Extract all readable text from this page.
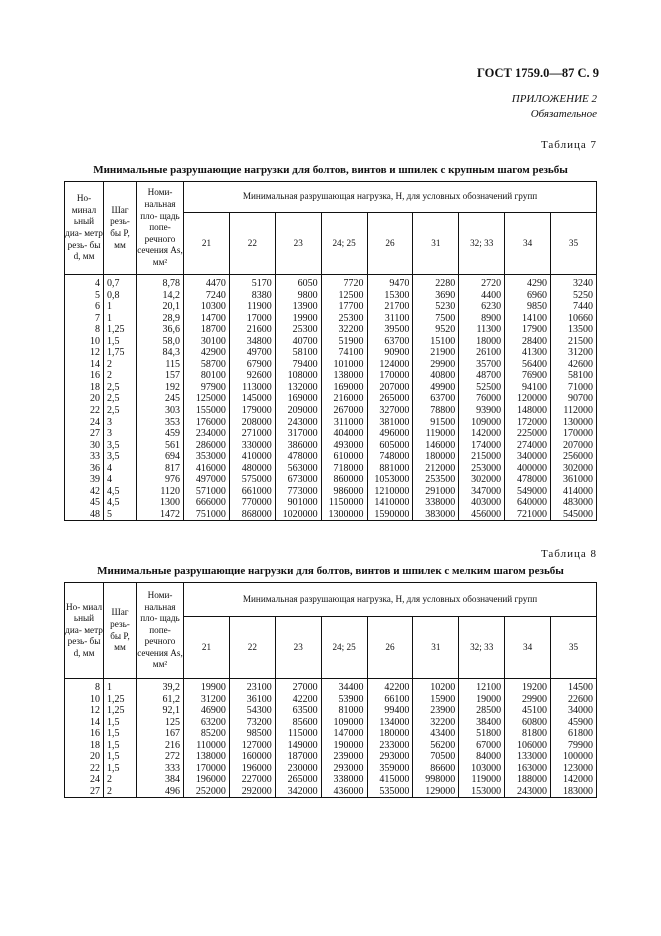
ГОСТ 1759.0—87 С. 9
ПРИЛОЖЕНИЕ 2
Обязательное
Таблица 7
Минимальные разрушающие нагрузки для болтов, винтов и шпилек с крупным шагом резьбы
Но- минал ьный диа- метр резь- бы d, мм	Шаг резь- бы P, мм	Номи- нальная пло- щадь попе- речного сечения As, мм²	Минимальная разрушающая нагрузка, Н, для условных обозначений групп								
			21	22	23	24; 25	26	31	32; 33	34	35
4	0,7	8,78	4470	5170	6050	7720	9470	2280	2720	4290	3240
5	0,8	14,2	7240	8380	9800	12500	15300	3690	4400	6960	5250
6	1	20,1	10300	11900	13900	17700	21700	5230	6230	9850	7440
7	1	28,9	14700	17000	19900	25300	31100	7500	8900	14100	10660
8	1,25	36,6	18700	21600	25300	32200	39500	9520	11300	17900	13500
10	1,5	58,0	30100	34800	40700	51900	63700	15100	18000	28400	21500
12	1,75	84,3	42900	49700	58100	74100	90900	21900	26100	41300	31200
14	2	115	58700	67900	79400	101000	124000	29900	35700	56400	42600
16	2	157	80100	92600	108000	138000	170000	40800	48700	76900	58100
18	2,5	192	97900	113000	132000	169000	207000	49900	52500	94100	71000
20	2,5	245	125000	145000	169000	216000	265000	63700	76000	120000	90700
22	2,5	303	155000	179000	209000	267000	327000	78800	93900	148000	112000
24	3	353	176000	208000	243000	311000	381000	91500	109000	172000	130000
27	3	459	234000	271000	317000	404000	496000	119000	142000	225000	170000
30	3,5	561	286000	330000	386000	493000	605000	146000	174000	274000	207000
33	3,5	694	353000	410000	478000	610000	748000	180000	215000	340000	256000
36	4	817	416000	480000	563000	718000	881000	212000	253000	400000	302000
39	4	976	497000	575000	673000	860000	1053000	253500	302000	478000	361000
42	4,5	1120	571000	661000	773000	986000	1210000	291000	347000	549000	414000
45	4,5	1300	666000	770000	901000	1150000	1410000	338000	403000	640000	483000
48	5	1472	751000	868000	1020000	1300000	1590000	383000	456000	721000	545000
Таблица 8
Минимальные разрушающие нагрузки для болтов, винтов и шпилек с мелким шагом резьбы
Но- миал ьный диа- метр резь- бы d, мм	Шаг резь- бы P, мм	Номи- нальная пло- щадь попе- речного сечения As, мм²	Минимальная разрушающая нагрузка, Н, для условных обозначений групп								
			21	22	23	24; 25	26	31	32; 33	34	35
8	1	39,2	19900	23100	27000	34400	42200	10200	12100	19200	14500
10	1,25	61,2	31200	36100	42200	53900	66100	15900	19000	29900	22600
12	1,25	92,1	46900	54300	63500	81000	99400	23900	28500	45100	34000
14	1,5	125	63200	73200	85600	109000	134000	32200	38400	60800	45900
16	1,5	167	85200	98500	115000	147000	180000	43400	51800	81800	61800
18	1,5	216	110000	127000	149000	190000	233000	56200	67000	106000	79900
20	1,5	272	138000	160000	187000	239000	293000	70500	84000	133000	100000
22	1,5	333	170000	196000	230000	293000	359000	86600	103000	163000	123000
24	2	384	196000	227000	265000	338000	415000	998000	119000	188000	142000
27	2	496	252000	292000	342000	436000	535000	129000	153000	243000	183000
